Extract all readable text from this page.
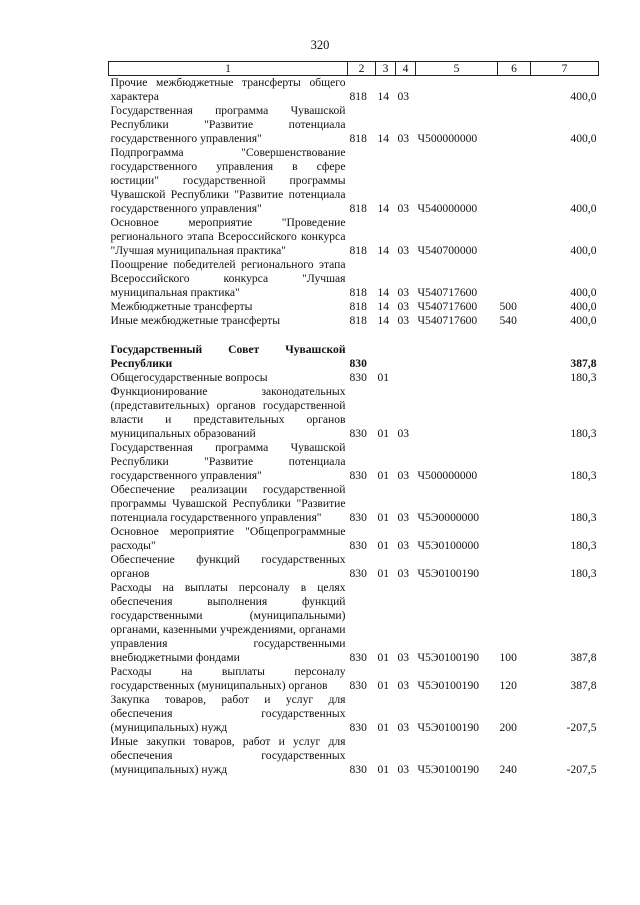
320
1	2	3	4	5	6	7
Прочие межбюджетные трансферты общего характера	818	14	03			400,0
Государственная программа Чувашской Республики "Развитие потенциала государственного управления"	818	14	03	Ч500000000		400,0
Подпрограмма "Совершенствование государственного управления в сфере юстиции" государственной программы Чувашской Республики "Развитие потенциала государственного управления"	818	14	03	Ч540000000		400,0
Основное мероприятие "Проведение регионального этапа Всероссийского конкурса "Лучшая муниципальная практика"	818	14	03	Ч540700000		400,0
Поощрение победителей регионального этапа Всероссийского конкурса "Лучшая муниципальная практика"	818	14	03	Ч540717600		400,0
Межбюджетные трансферты	818	14	03	Ч540717600	500	400,0
Иные межбюджетные трансферты	818	14	03	Ч540717600	540	400,0

Государственный Совет Чувашской Республики	830					387,8
Общегосударственные вопросы	830	01				180,3
Функционирование законодательных (представительных) органов государственной власти и представительных органов муниципальных образований	830	01	03			180,3
Государственная программа Чувашской Республики "Развитие потенциала государственного управления"	830	01	03	Ч500000000		180,3
Обеспечение реализации государственной программы Чувашской Республики "Развитие потенциала государственного управления"	830	01	03	Ч5Э0000000		180,3
Основное мероприятие "Общепрограммные расходы"	830	01	03	Ч5Э0100000		180,3
Обеспечение функций государственных органов	830	01	03	Ч5Э0100190		180,3
Расходы на выплаты персоналу в целях обеспечения выполнения функций государственными (муниципальными) органами, казенными учреждениями, органами управления государственными внебюджетными фондами	830	01	03	Ч5Э0100190	100	387,8
Расходы на выплаты персоналу государственных (муниципальных) органов	830	01	03	Ч5Э0100190	120	387,8
Закупка товаров, работ и услуг для обеспечения государственных (муниципальных) нужд	830	01	03	Ч5Э0100190	200	-207,5
Иные закупки товаров, работ и услуг для обеспечения государственных (муниципальных) нужд	830	01	03	Ч5Э0100190	240	-207,5
